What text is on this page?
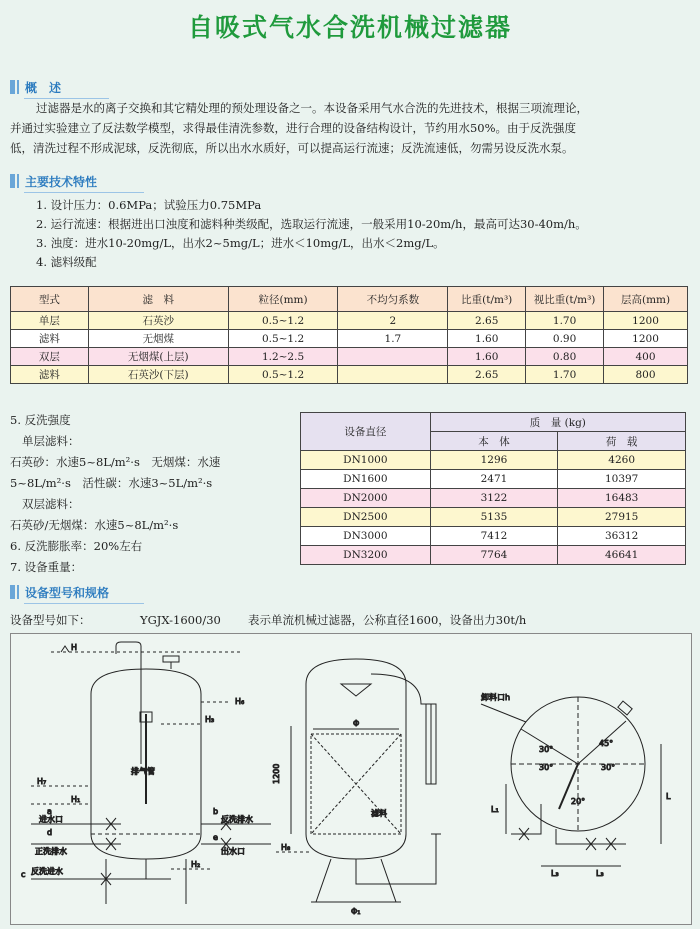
自吸式气水合洗机械过滤器
概　述
过滤器是水的离子交换和其它精处理的预处理设备之一。本设备采用气水合洗的先进技术，根据三项流理论，
并通过实验建立了反法数学模型，求得最佳清洗参数，进行合理的设备结构设计，节约用水50%。由于反洗强度
低，清洗过程不形成泥球，反洗彻底，所以出水水质好，可以提高运行流速；反洗流速低，勿需另设反洗水泵。
主要技术特性
1. 设计压力：0.6MPa；试验压力0.75MPa
2. 运行流速：根据进出口浊度和滤料种类级配，选取运行流速，一般采用10-20m/h，最高可达30-40m/h。
3. 浊度：进水10-20mg/L，出水2~5mg/L；进水＜10mg/L，出水＜2mg/L。
4. 滤料级配
型式	滤　料	粒径(mm)	不均匀系数	比重(t/m³)	视比重(t/m³)	层高(mm)
单层	石英沙	0.5~1.2	2	2.65	1.70	1200
滤料	无烟煤	0.5~1.2	1.7	1.60	0.90	1200
双层	无烟煤(上层)	1.2~2.5		1.60	0.80	400
滤料	石英沙(下层)	0.5~1.2		2.65	1.70	800
5. 反洗强度
单层滤料：
石英砂：水速5~8L/m²·s　无烟煤：水速
5~8L/m²·s　活性碳：水速3~5L/m²·s
双层滤料：
石英砂/无烟煤：水速5~8L/m²·s
6. 反洗膨胀率：20%左右
7. 设备重量：
设备直径	质　量 (kg)	
	本　体	荷　载
DN1000	1296	4260
DN1600	2471	10397
DN2000	3122	16483
DN2500	5135	27915
DN3000	7412	36312
DN3200	7764	46641
设备型号和规格
设备型号如下：	YGJX-1600/30 表示单流机械过滤器，公称直径1600，设备出力30t/h
H
H₆
H₃
H₇
H₁
H₂
H₈
a
进水口
d
正洗排水
c 反洗进水
b
反洗排水
e
出水口
排气管	1200
Φ
Φ₁
滤料
卸料口h
30°
30°
45°
30°
20°
L
L₁
L₃	L₃
